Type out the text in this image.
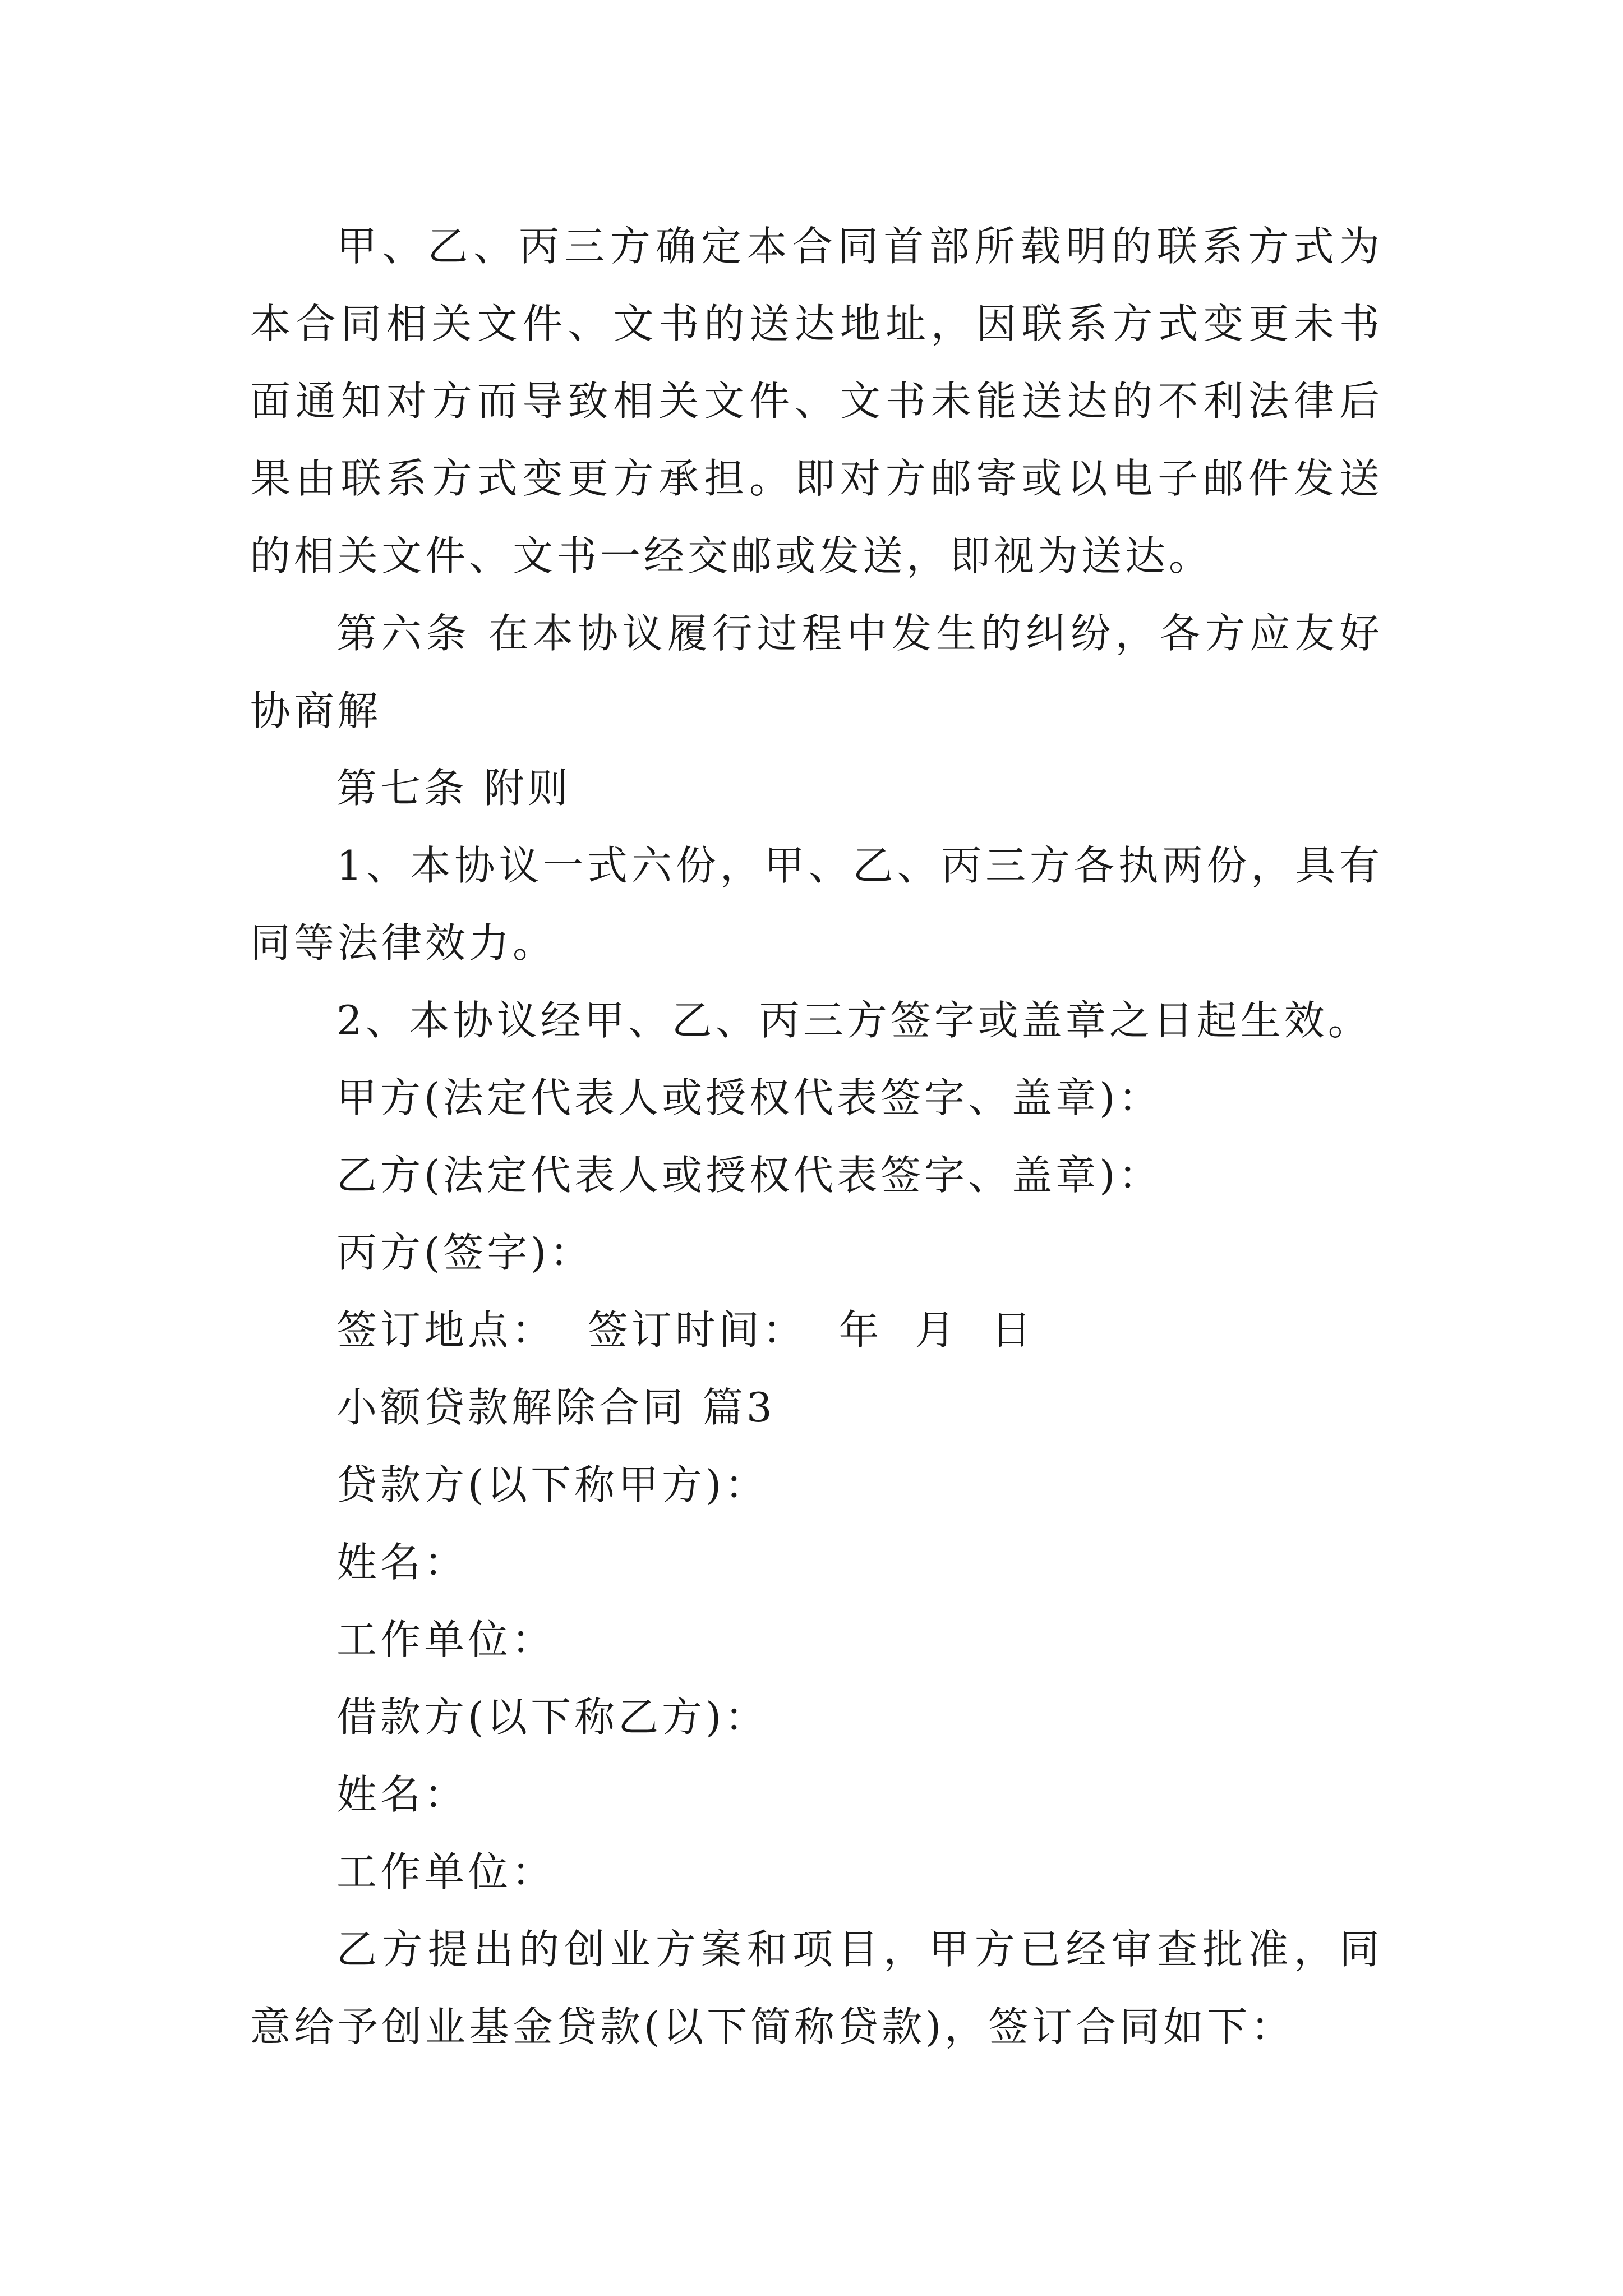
甲、乙、丙三方确定本合同首部所载明的联系方式为本合同相关文件、文书的送达地址，因联系方式变更未书面通知对方而导致相关文件、文书未能送达的不利法律后果由联系方式变更方承担。即对方邮寄或以电子邮件发送的相关文件、文书一经交邮或发送，即视为送达。

第六条 在本协议履行过程中发生的纠纷，各方应友好协商解

第七条 附则

1、本协议一式六份，甲、乙、丙三方各执两份，具有同等法律效力。

2、本协议经甲、乙、丙三方签字或盖章之日起生效。

甲方(法定代表人或授权代表签字、盖章)：

乙方(法定代表人或授权代表签字、盖章)：

丙方(签字)：

签订地点：  签订时间：  年  月  日

小额贷款解除合同 篇3

贷款方(以下称甲方)：

姓名：

工作单位：

借款方(以下称乙方)：

姓名：

工作单位：

乙方提出的创业方案和项目，甲方已经审查批准，同意给予创业基金贷款(以下简称贷款)，签订合同如下：
